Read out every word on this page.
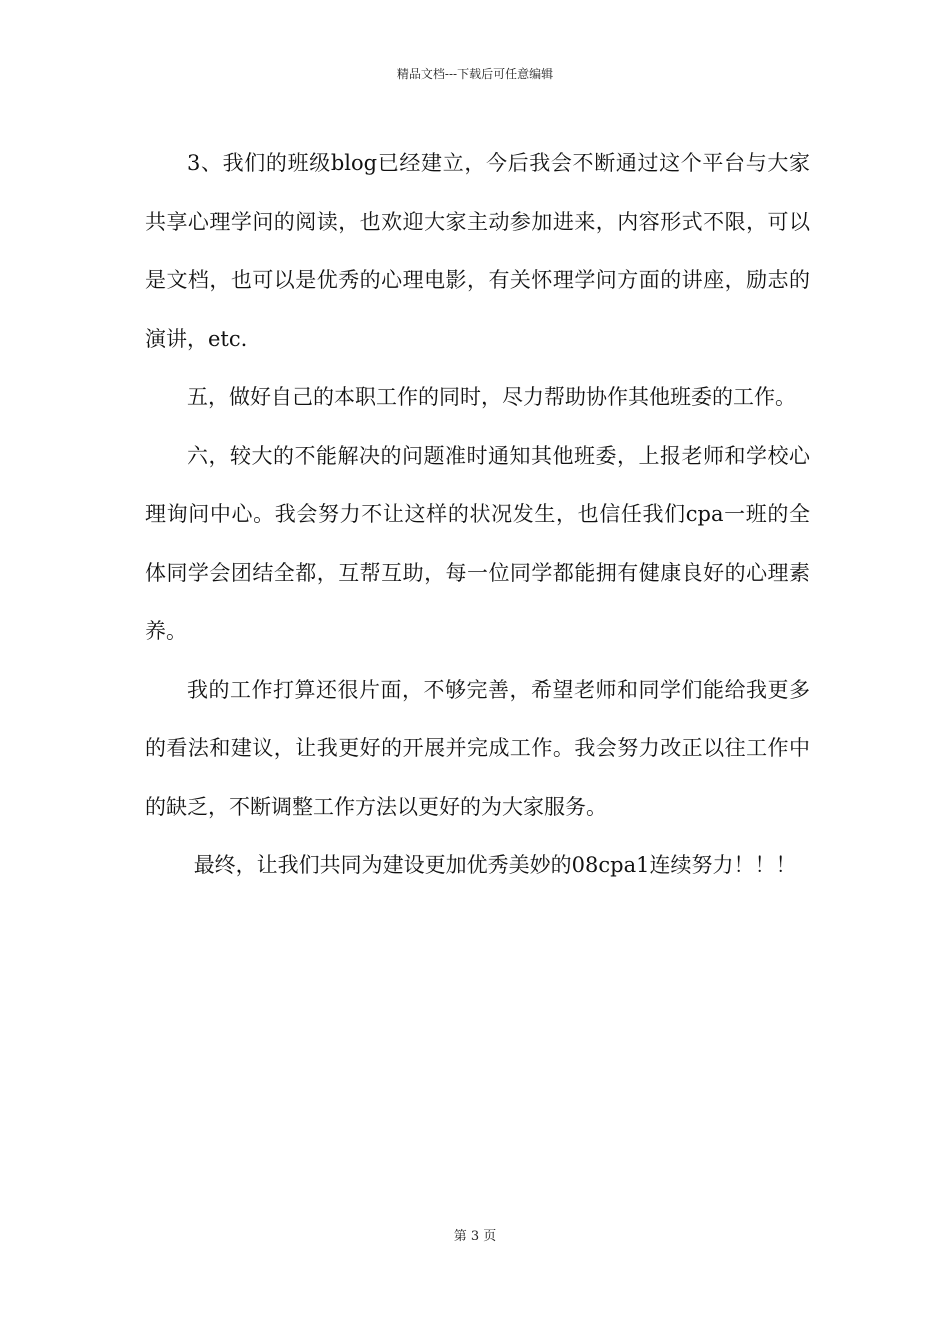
精品文档---下载后可任意编辑

3、我们的班级blog已经建立，今后我会不断通过这个平台与大家共享心理学问的阅读，也欢迎大家主动参加进来，内容形式不限，可以是文档，也可以是优秀的心理电影，有关怀理学问方面的讲座，励志的演讲，etc.

五，做好自己的本职工作的同时，尽力帮助协作其他班委的工作。

六，较大的不能解决的问题准时通知其他班委，上报老师和学校心理询问中心。我会努力不让这样的状况发生，也信任我们cpa一班的全体同学会团结全都，互帮互助，每一位同学都能拥有健康良好的心理素养。

我的工作打算还很片面，不够完善，希望老师和同学们能给我更多的看法和建议，让我更好的开展并完成工作。我会努力改正以往工作中的缺乏，不断调整工作方法以更好的为大家服务。

最终，让我们共同为建设更加优秀美妙的08cpa1连续努力！！！

第 3 页
